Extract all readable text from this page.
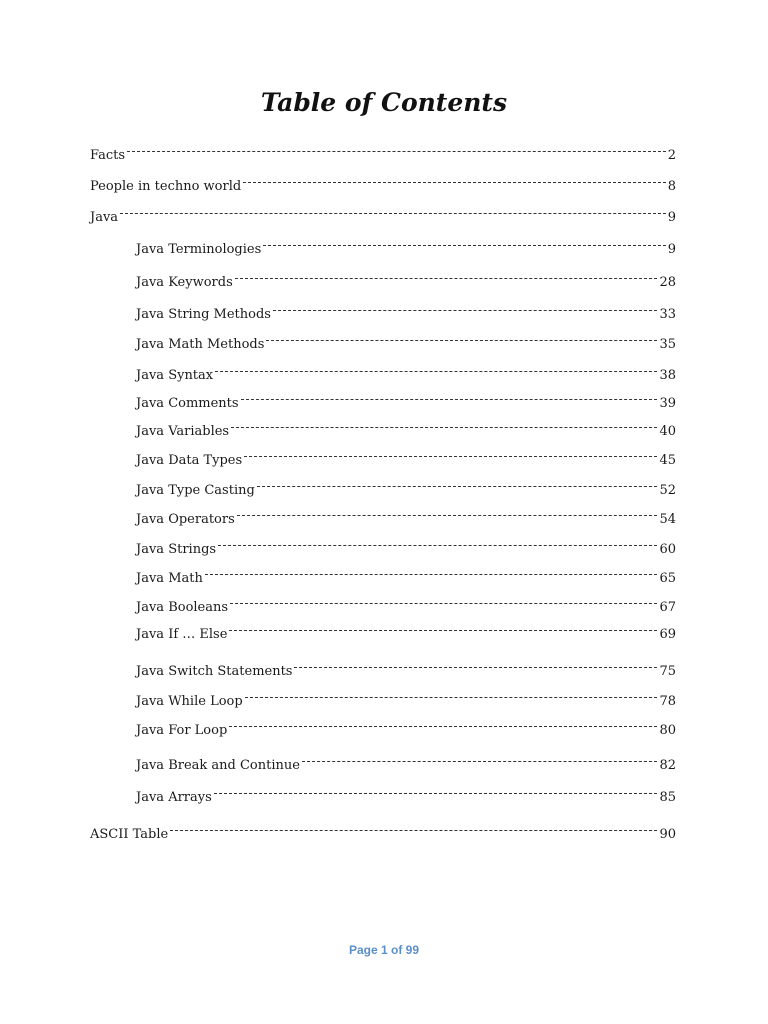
Table of Contents
Facts	2
People in techno world	8
Java	9
Java Terminologies	9
Java Keywords	28
Java String Methods	33
Java Math Methods	35
Java Syntax	38
Java Comments	39
Java Variables	40
Java Data Types	45
Java Type Casting	52
Java Operators	54
Java Strings	60
Java Math	65
Java Booleans	67
Java If … Else	69
Java Switch Statements	75
Java While Loop	78
Java For Loop	80
Java Break and Continue	82
Java Arrays	85
ASCII Table	90
Page 1 of 99
